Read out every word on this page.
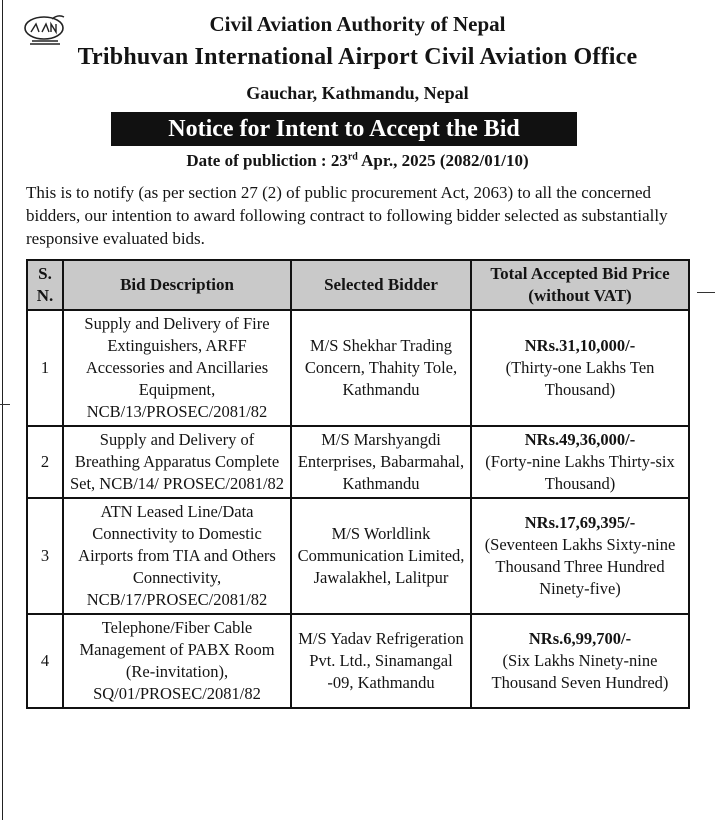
Civil Aviation Authority of Nepal
Tribhuvan International Airport Civil Aviation Office
Gauchar, Kathmandu, Nepal
Notice for Intent to Accept the Bid
Date of publiction : 23rd Apr., 2025 (2082/01/10)
This is to notify (as per section 27 (2) of public procurement Act, 2063) to all the concerned bidders, our intention to award following contract to following bidder selected as substantially responsive evaluated bids.
S. N.	Bid Description	Selected Bidder	Total Accepted Bid Price (without VAT)
1	Supply and Delivery of Fire Extinguishers, ARFF Accessories and Ancillaries Equipment, NCB/13/PROSEC/2081/82	M/S Shekhar Trading Concern, Thahity Tole, Kathmandu	NRs.31,10,000/-
(Thirty-one Lakhs Ten Thousand)
2	Supply and Delivery of Breathing Apparatus Complete Set, NCB/14/ PROSEC/2081/82	M/S Marshyangdi Enterprises, Babarmahal, Kathmandu	NRs.49,36,000/-
(Forty-nine Lakhs Thirty-six Thousand)
3	ATN Leased Line/Data Connectivity to Domestic Airports from TIA and Others Connectivity, NCB/17/PROSEC/2081/82	M/S Worldlink Communication Limited, Jawalakhel, Lalitpur	NRs.17,69,395/-
(Seventeen Lakhs Sixty-nine Thousand Three Hundred Ninety-five)
4	Telephone/Fiber Cable Management of PABX Room (Re-invitation), SQ/01/PROSEC/2081/82	M/S Yadav Refrigeration Pvt. Ltd., Sinamangal -09, Kathmandu	NRs.6,99,700/-
(Six Lakhs Ninety-nine Thousand Seven Hundred)
